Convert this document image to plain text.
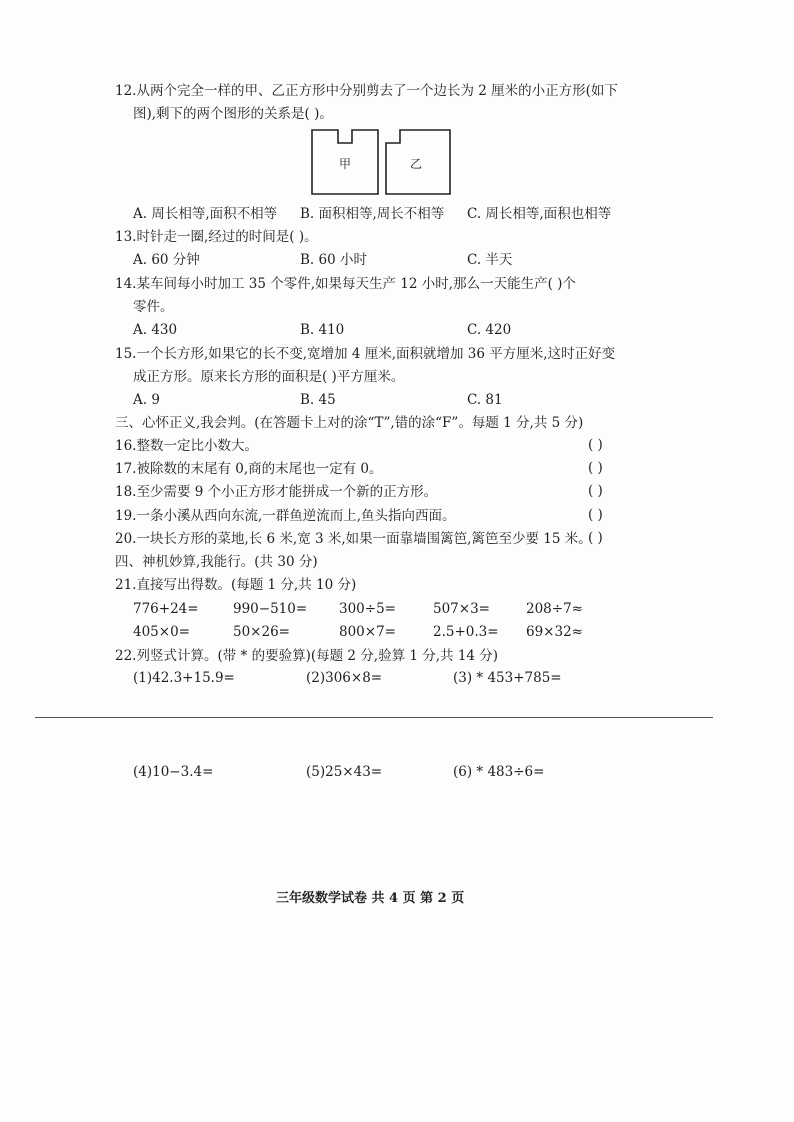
12.从两个完全一样的甲、乙正方形中分别剪去了一个边长为 2 厘米的小正方形(如下
图),剩下的两个图形的关系是( )。
甲	乙
A. 周长相等,面积不相等 B. 面积相等,周长不相等 C. 周长相等,面积也相等
13.时针走一圈,经过的时间是( )。
A. 60 分钟	B. 60 小时	C. 半天
14.某车间每小时加工 35 个零件,如果每天生产 12 小时,那么一天能生产( )个
零件。
A. 430	B. 410	C. 420
15.一个长方形,如果它的长不变,宽增加 4 厘米,面积就增加 36 平方厘米,这时正好变
成正方形。原来长方形的面积是( )平方厘米。
A. 9	B. 45	C. 81
三、心怀正义,我会判。(在答题卡上对的涂“T”,错的涂“F”。每题 1 分,共 5 分)
16.整数一定比小数大。	( )
17.被除数的末尾有 0,商的末尾也一定有 0。	( )
18.至少需要 9 个小正方形才能拼成一个新的正方形。	( )
19.一条小溪从西向东流,一群鱼逆流而上,鱼头指向西面。	( )
20.一块长方形的菜地,长 6 米,宽 3 米,如果一面靠墙围篱笆,篱笆至少要 15 米。
( )
四、神机妙算,我能行。(共 30 分)
21.直接写出得数。(每题 1 分,共 10 分)
776+24=	990−510= 300÷5=	507×3=	208÷7≈
405×0=	50×26=	800×7=	2.5+0.3= 69×32≈
22.列竖式计算。(带 * 的要验算)(每题 2 分,验算 1 分,共 14 分)
(1)42.3+15.9=	(2)306×8=	(3) * 453+785=
(4)10−3.4=	(5)25×43=	(6) * 483÷6=
三年级数学试卷 共 4 页 第 2 页
